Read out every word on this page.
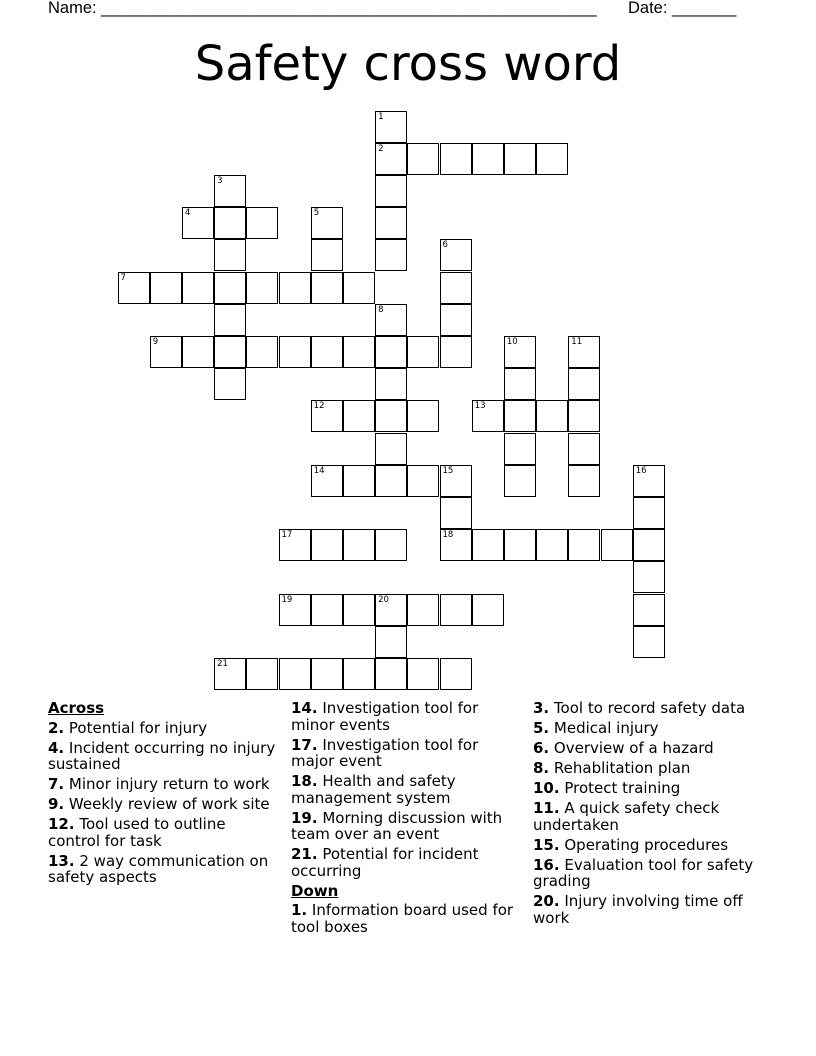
Name: ______________________________________________________ Date: _______
Safety cross word
1
2
3
4	5
6
7
8
9	10	11
12	13
14	15
18
16
17
19	20
21
Across
2. Potential for injury
4. Incident occurring no injury sustained
7. Minor injury return to work
9. Weekly review of work site
12. Tool used to outline control for task
13. 2 way communication on safety aspects
14. Investigation tool for minor events
17. Investigation tool for major event
18. Health and safety management system
19. Morning discussion with team over an event
21. Potential for incident occurring
Down
1. Information board used for tool boxes
3. Tool to record safety data
5. Medical injury
6. Overview of a hazard
8. Rehablitation plan
10. Protect training
11. A quick safety check undertaken
15. Operating procedures
16. Evaluation tool for safety grading
20. Injury involving time off work
